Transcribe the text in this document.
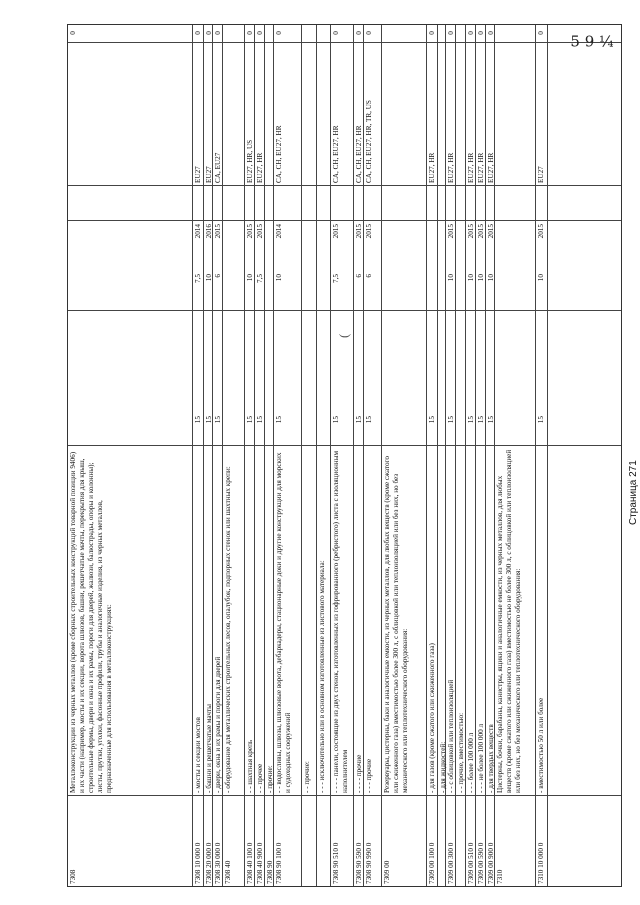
7308
Металлоконструкции из черных металлов (кроме сборных строительных конструкций товарной позиции 9406) и их части (например, мосты и их секции, ворота шлюзов, башни, решетчатые мачты, перекрытия для крыш, строительные фермы, двери и окна и их рамы, пороги для дверей, жалюзи, балюстрады, опоры и колонны); листы, прутки, уголки, фасонные профили, трубы и аналогичные изделия, из черных металлов, предназначенные для использования в металлоконструкциях:
0
7308 10 000 0
- мосты и секции мостов
15
7,5
2014
EU27
0
7308 20 000 0
- башни и решетчатые мачты
15
10
2016
EU27
0
7308 30 000 0
- двери, окна и их рамы и пороги для дверей
15
6
2015
CA, EU27
0
7308 40
- оборудование для металлических строительных лесов, опалубок, подпорных стенок или шахтных крепи:
7308 40 100 0
- - шахтная крепь
15
10
2015
EU27, HR, US
0
7308 40 900 0
- - прочее
15
7,5
2015
EU27, HR
0
7308 90
- прочие:
7308 90 100 0
- - водосливы, шлюзы, шлюзовые ворота, дебаркадеры, стационарные доки и другие конструкции для морских и судоходных сооружений
15
10
2014
CA, CH, EU27, HR
0
- - прочие: - - - исключительно или в основном изготовленные из листового материала:
7308 90 510 0
- - - - панели, состоящие из двух стенок, изготовленных из гофрированного (ребристого) листа с изоляционным наполнителем
15
7,5
2015
CA, CH, EU27, HR
0
7308 90 590 0
- - - - прочие
15
6
2015
CA, CH, EU27, HR
0
7308 90 990 0
- - - прочие
15
6
2015
CA, CH, EU27, HR, TR, US
0
7309 00
Резервуары, цистерны, баки и аналогичные емкости, из черных металлов, для любых веществ (кроме сжатого или сжиженного газа) вместимостью более 300 л, с облицовкой или теплоизоляцией или без них, но без механического или теплотехнического оборудования:
7309 00 100 0
- для газов (кроме сжатого или сжиженного газа)
15
EU27, HR
0
- для жидкостей:
7309 00 300 0
- - с облицовкой или теплоизоляцией
15
10
2015
EU27, HR
0
- - прочие, вместимостью:
7309 00 510 0
- - - более 100 000 л
15
10
2015
EU27, HR
0
7309 00 590 0
- - - не более 100 000 л
15
10
2015
EU27, HR
0
7309 00 900 0
- для твердых веществ
15
10
2015
EU27, HR
0
7310
Цистерны, бочки, барабаны, канистры, ящики и аналогичные емкости, из черных металлов, для любых веществ (кроме сжатого или сжиженного газа) вместимостью не более 300 л, с облицовкой или теплоизоляцией или без них, но без механического или теплотехнического оборудования:
7310 10 000 0
- вместимостью 50 л или более
15
10
2015
EU27
0
(
Страница 271
5 9 ¼
